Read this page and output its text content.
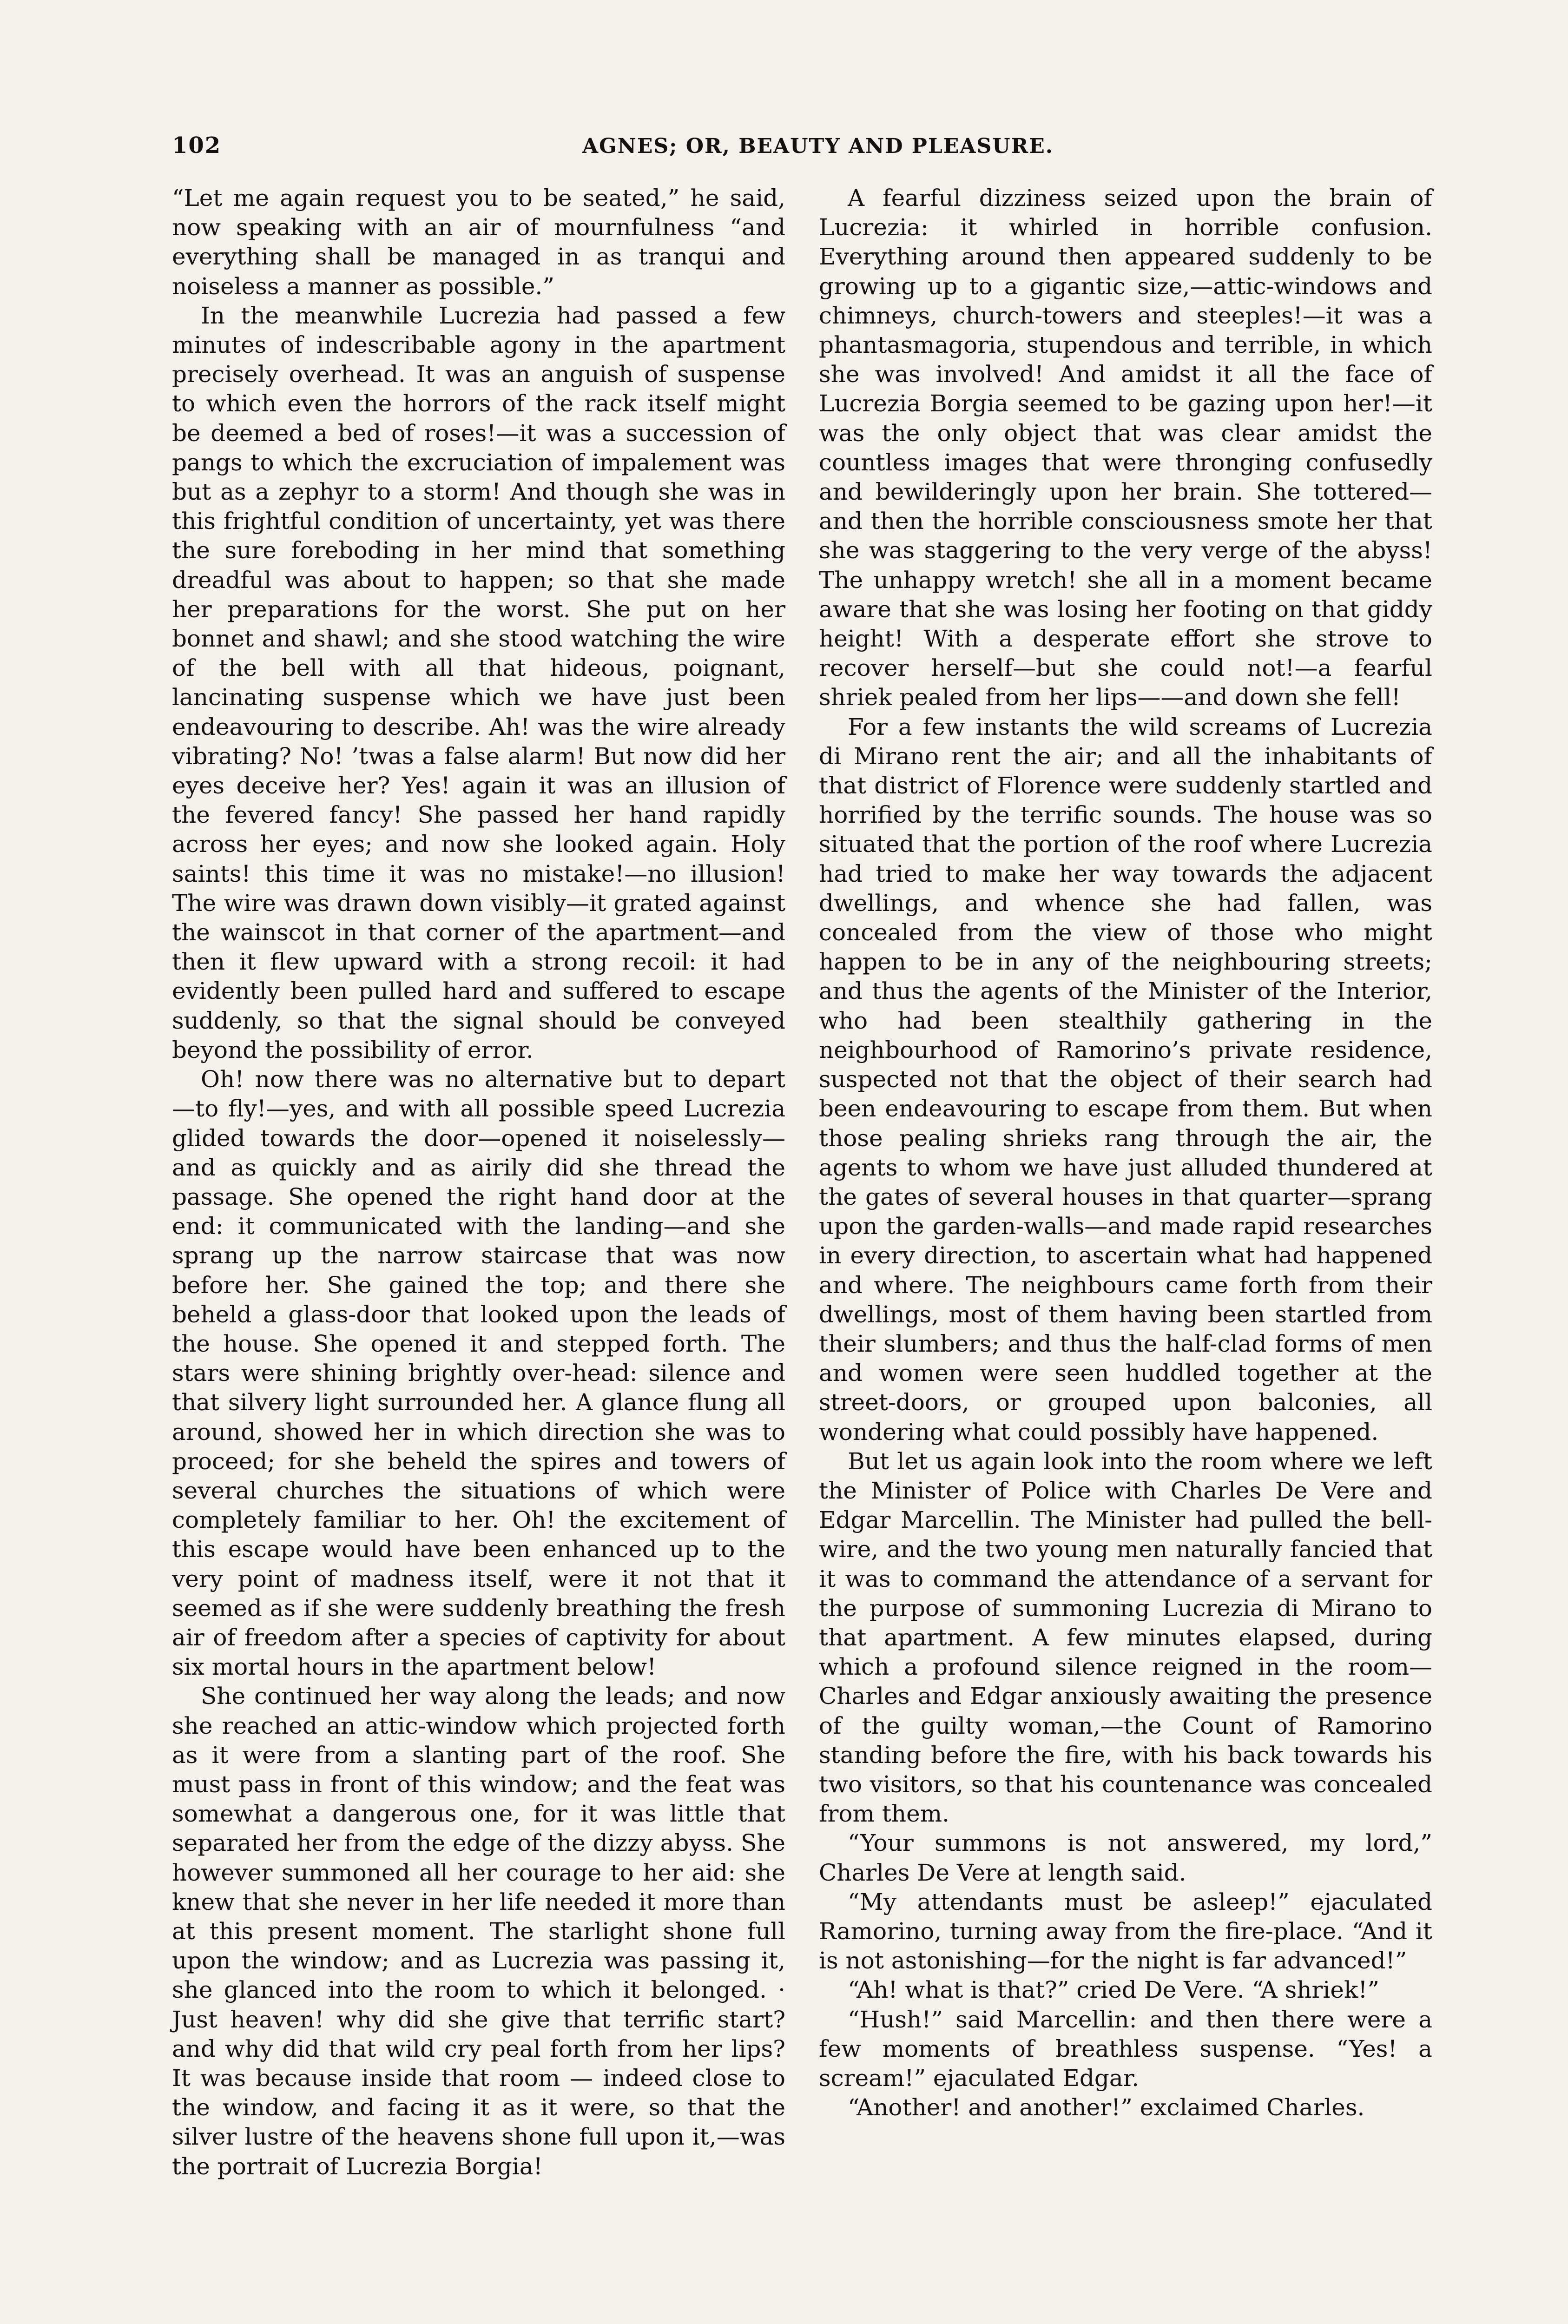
102	AGNES; OR, BEAUTY AND PLEASURE.

“Let me again request you to be seated,” he said, now speaking with an air of mournfulness “and everything shall be managed in as tranqui and noiseless a manner as possible.”

In the meanwhile Lucrezia had passed a few minutes of indescribable agony in the apartment precisely overhead. It was an anguish of suspense to which even the horrors of the rack itself might be deemed a bed of roses!—it was a succession of pangs to which the excruciation of impalement was but as a zephyr to a storm! And though she was in this frightful condition of uncertainty, yet was there the sure foreboding in her mind that something dreadful was about to happen; so that she made her preparations for the worst. She put on her bonnet and shawl; and she stood watching the wire of the bell with all that hideous, poignant, lancinating suspense which we have just been endeavouring to describe. Ah! was the wire already vibrating? No! ’twas a false alarm! But now did her eyes deceive her? Yes! again it was an illusion of the fevered fancy! She passed her hand rapidly across her eyes; and now she looked again. Holy saints! this time it was no mistake!—no illusion! The wire was drawn down visibly—it grated against the wainscot in that corner of the apartment—and then it flew upward with a strong recoil: it had evidently been pulled hard and suffered to escape suddenly, so that the signal should be conveyed beyond the possibility of error.

Oh! now there was no alternative but to depart —to fly!—yes, and with all possible speed Lucrezia glided towards the door—opened it noiselessly—and as quickly and as airily did she thread the passage. She opened the right hand door at the end: it communicated with the landing—and she sprang up the narrow staircase that was now before her. She gained the top; and there she beheld a glass-door that looked upon the leads of the house. She opened it and stepped forth. The stars were shining brightly over-head: silence and that silvery light surrounded her. A glance flung all around, showed her in which direction she was to proceed; for she beheld the spires and towers of several churches the situations of which were completely familiar to her. Oh! the excitement of this escape would have been enhanced up to the very point of madness itself, were it not that it seemed as if she were suddenly breathing the fresh air of freedom after a species of captivity for about six mortal hours in the apartment below!

She continued her way along the leads; and now she reached an attic-window which projected forth as it were from a slanting part of the roof. She must pass in front of this window; and the feat was somewhat a dangerous one, for it was little that separated her from the edge of the dizzy abyss. She however summoned all her courage to her aid: she knew that she never in her life needed it more than at this present moment. The starlight shone full upon the window; and as Lucrezia was passing it, she glanced into the room to which it belonged. · Just heaven! why did she give that terrific start? and why did that wild cry peal forth from her lips? It was because inside that room — indeed close to the window, and facing it as it were, so that the silver lustre of the heavens shone full upon it,—was the portrait of Lucrezia Borgia!

A fearful dizziness seized upon the brain of Lucrezia: it whirled in horrible confusion. Everything around then appeared suddenly to be growing up to a gigantic size,—attic-windows and chimneys, church-towers and steeples!—it was a phantasmagoria, stupendous and terrible, in which she was involved! And amidst it all the face of Lucrezia Borgia seemed to be gazing upon her!—it was the only object that was clear amidst the countless images that were thronging confusedly and bewilderingly upon her brain. She tottered—and then the horrible consciousness smote her that she was staggering to the very verge of the abyss! The unhappy wretch! she all in a moment became aware that she was losing her footing on that giddy height! With a desperate effort she strove to recover herself—but she could not!—a fearful shriek pealed from her lips——and down she fell!

For a few instants the wild screams of Lucrezia di Mirano rent the air; and all the inhabitants of that district of Florence were suddenly startled and horrified by the terrific sounds. The house was so situated that the portion of the roof where Lucrezia had tried to make her way towards the adjacent dwellings, and whence she had fallen, was concealed from the view of those who might happen to be in any of the neighbouring streets; and thus the agents of the Minister of the Interior, who had been stealthily gathering in the neighbourhood of Ramorino’s private residence, suspected not that the object of their search had been endeavouring to escape from them. But when those pealing shrieks rang through the air, the agents to whom we have just alluded thundered at the gates of several houses in that quarter—sprang upon the garden-walls—and made rapid researches in every direction, to ascertain what had happened and where. The neighbours came forth from their dwellings, most of them having been startled from their slumbers; and thus the half-clad forms of men and women were seen huddled together at the street-doors, or grouped upon balconies, all wondering what could possibly have happened.

But let us again look into the room where we left the Minister of Police with Charles De Vere and Edgar Marcellin. The Minister had pulled the bell-wire, and the two young men naturally fancied that it was to command the attendance of a servant for the purpose of summoning Lucrezia di Mirano to that apartment. A few minutes elapsed, during which a profound silence reigned in the room—Charles and Edgar anxiously awaiting the presence of the guilty woman,—the Count of Ramorino standing before the fire, with his back towards his two visitors, so that his countenance was concealed from them.

“Your summons is not answered, my lord,” Charles De Vere at length said.

“My attendants must be asleep!” ejaculated Ramorino, turning away from the fire-place. “And it is not astonishing—for the night is far advanced!”

“Ah! what is that?” cried De Vere. “A shriek!”

“Hush!” said Marcellin: and then there were a few moments of breathless suspense. “Yes! a scream!” ejaculated Edgar.

“Another! and another!” exclaimed Charles.
